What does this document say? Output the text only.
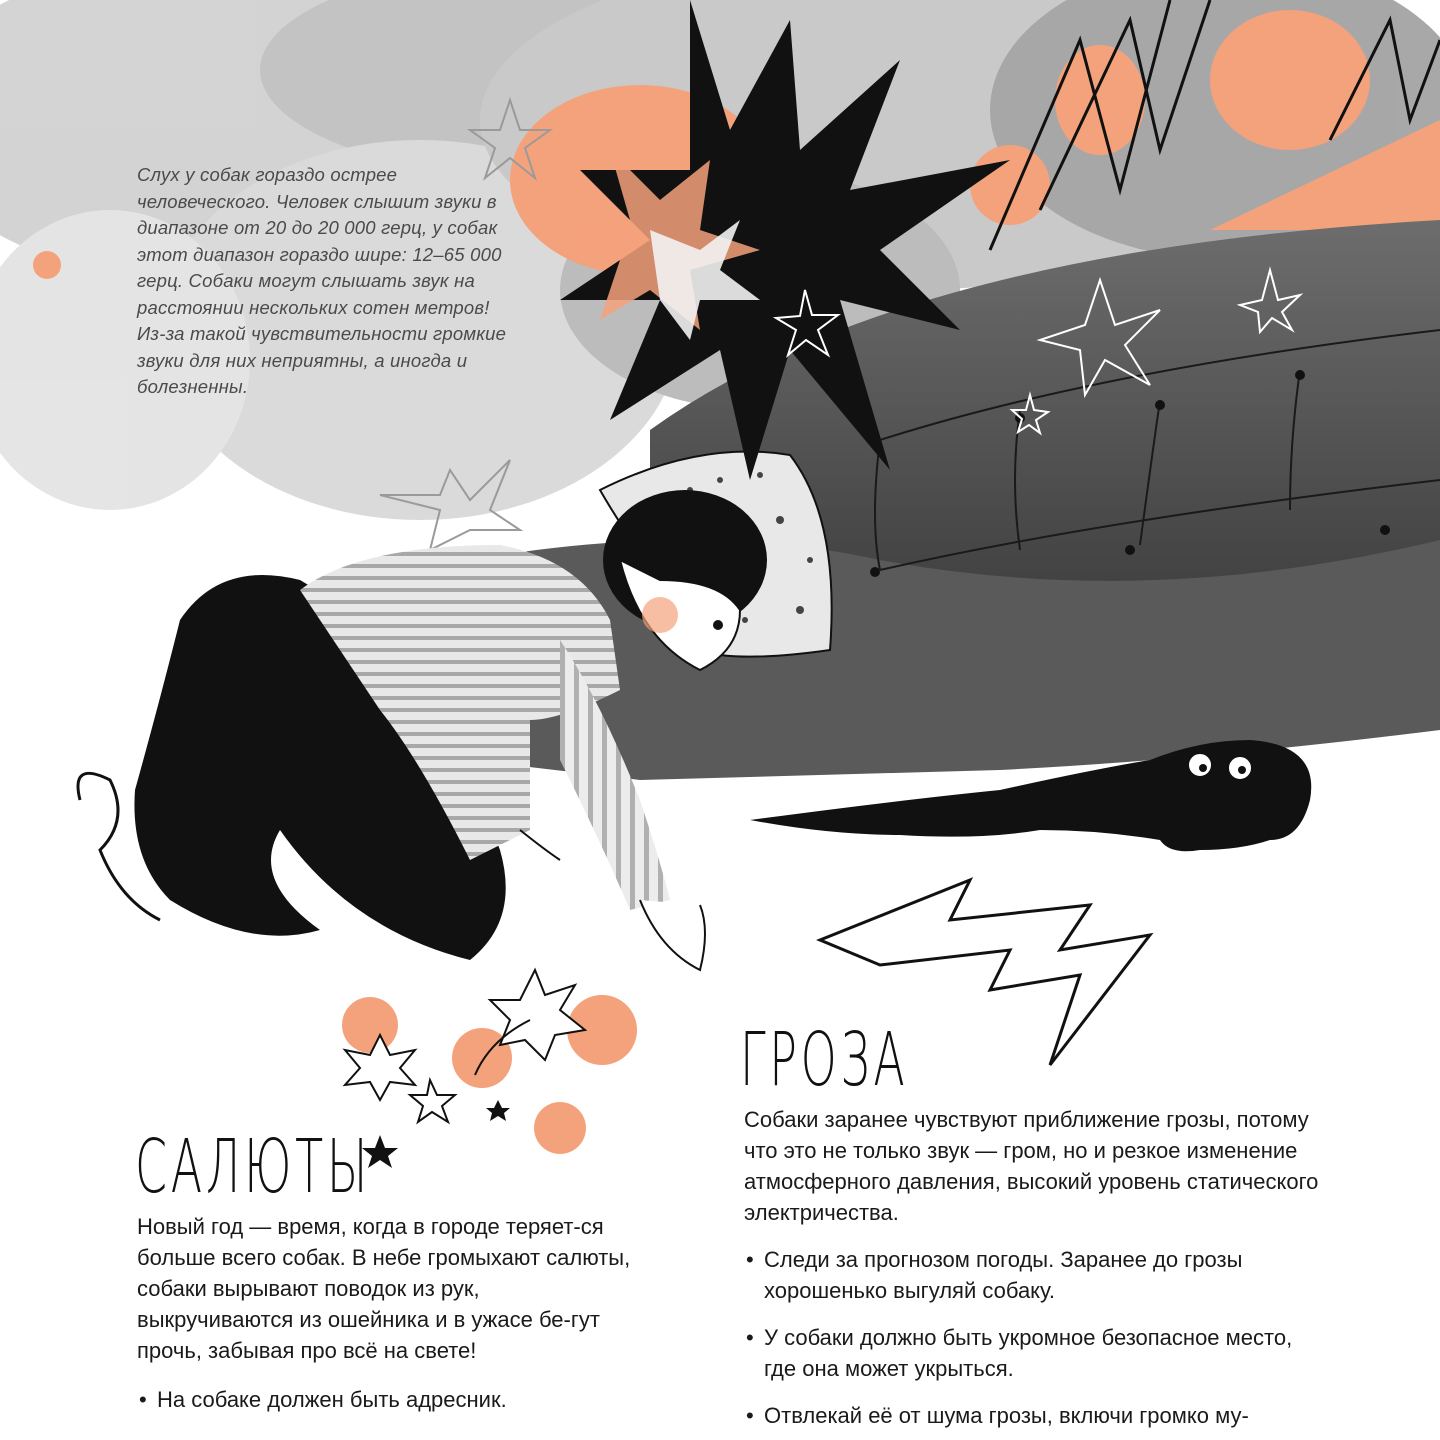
Слух у собак гораздо острее человеческого. Человек слышит звуки в диапазоне от 20 до 20 000 герц, у собак этот диапазон гораздо шире: 12–65 000 герц. Собаки могут слышать звук на расстоянии нескольких сотен метров! Из-за такой чувствительности громкие звуки для них неприятны, а иногда и болезненны.

ГРОЗА

Собаки заранее чувствуют приближение грозы, потому что это не только звук — гром, но и резкое изменение атмосферного давления, высокий уровень статического электричества.

• Следи за прогнозом погоды. Заранее до грозы хорошенько выгуляй собаку.
• У собаки должно быть укромное безопасное место, где она может укрыться.
• Отвлекай её от шума грозы, включи громко му-
САЛЮТЫ

Новый год — время, когда в городе теряет-ся больше всего собак. В небе громыхают салюты, собаки вырывают поводок из рук, выкручиваются из ошейника и в ужасе бе-гут прочь, забывая про всё на свете!

• На собаке должен быть адресник.
